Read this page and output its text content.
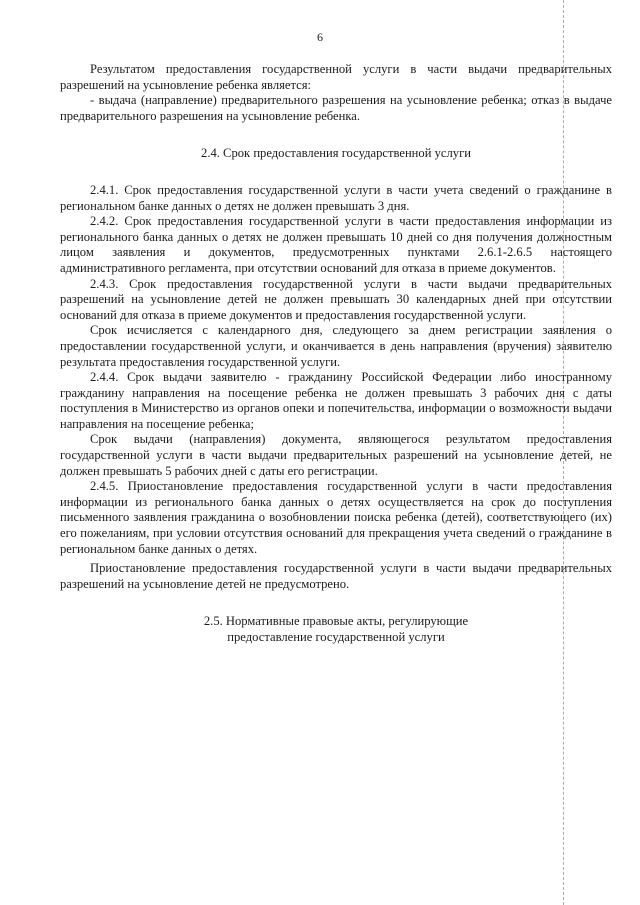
6

Результатом предоставления государственной услуги в части выдачи предварительных разрешений на усыновление ребенка является:

- выдача (направление) предварительного разрешения на усыновление ребенка; отказ в выдаче предварительного разрешения на усыновление ребенка.

2.4. Срок предоставления государственной услуги

2.4.1. Срок предоставления государственной услуги в части учета сведений о гражданине в региональном банке данных о детях не должен превышать 3 дня.

2.4.2. Срок предоставления государственной услуги в части предоставления информации из регионального банка данных о детях не должен превышать 10 дней со дня получения должностным лицом заявления и документов, предусмотренных пунктами 2.6.1-2.6.5 настоящего административного регламента, при отсутствии оснований для отказа в приеме документов.

2.4.3. Срок предоставления государственной услуги в части выдачи предварительных разрешений на усыновление детей не должен превышать 30 календарных дней при отсутствии оснований для отказа в приеме документов и предоставления государственной услуги.

Срок исчисляется с календарного дня, следующего за днем регистрации заявления о предоставлении государственной услуги, и оканчивается в день направления (вручения) заявителю результата предоставления государственной услуги.

2.4.4. Срок выдачи заявителю - гражданину Российской Федерации либо иностранному гражданину направления на посещение ребенка не должен превышать 3 рабочих дня с даты поступления в Министерство из органов опеки и попечительства, информации о возможности выдачи направления на посещение ребенка;

Срок выдачи (направления) документа, являющегося результатом предоставления государственной услуги в части выдачи предварительных разрешений на усыновление детей, не должен превышать 5 рабочих дней с даты его регистрации.

2.4.5. Приостановление предоставления государственной услуги в части предоставления информации из регионального банка данных о детях осуществляется на срок до поступления письменного заявления гражданина о возобновлении поиска ребенка (детей), соответствующего (их) его пожеланиям, при условии отсутствия оснований для прекращения учета сведений о гражданине в региональном банке данных о детях.

Приостановление предоставления государственной услуги в части выдачи предварительных разрешений на усыновление детей не предусмотрено.

2.5. Нормативные правовые акты, регулирующие
предоставление государственной услуги
